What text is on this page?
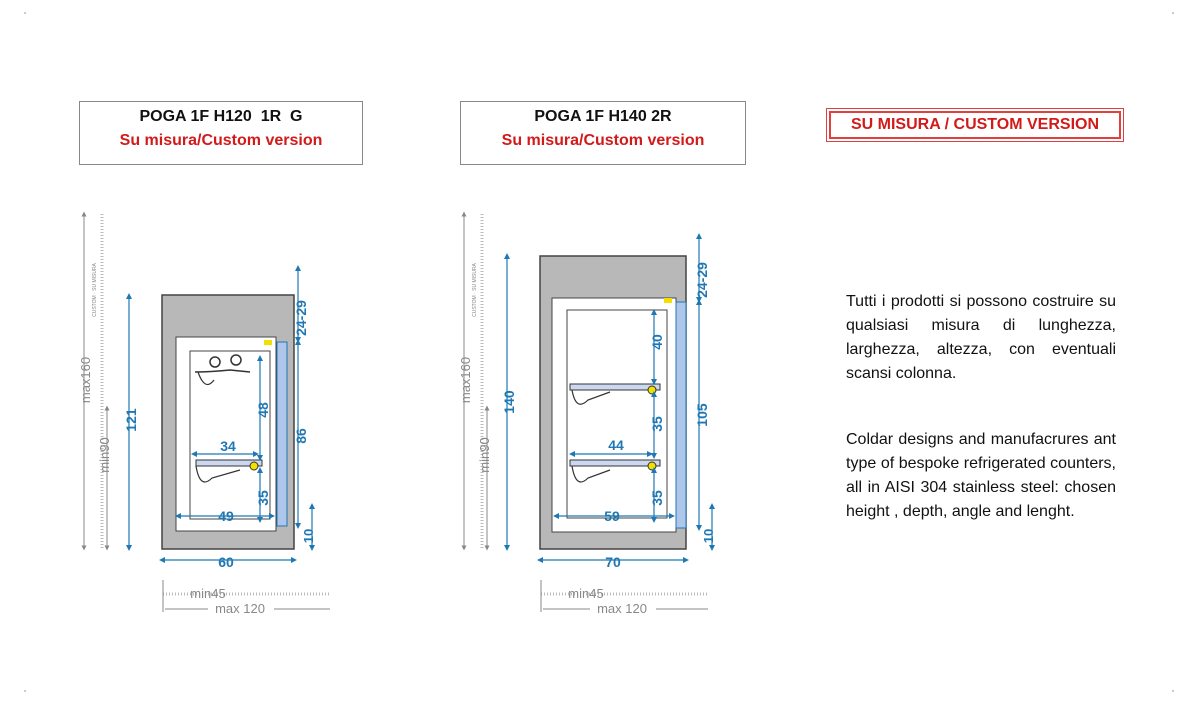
POGA 1F H120  1R  G
Su misura/Custom version
POGA 1F H140 2R
Su misura/Custom version
SU MISURA / CUSTOM VERSION
Tutti i prodotti si possono costruire su qualsiasi misura di lunghezza, larghezza, altezza, con eventuali scansi colonna.
Coldar designs and manufacrures ant type of bespoke refrigerated counters, all in AISI 304 stainless steel: chosen height , depth, angle and lenght.
max160
min90
CUSTOM · SU MISURA
121	48
35
24-29
86
10
34
49
60
min45
max 120
max160
min90
CUSTOM · SU MISURA
140
40
35
35
24-29
105
10
44
59
70
min45
max 120
